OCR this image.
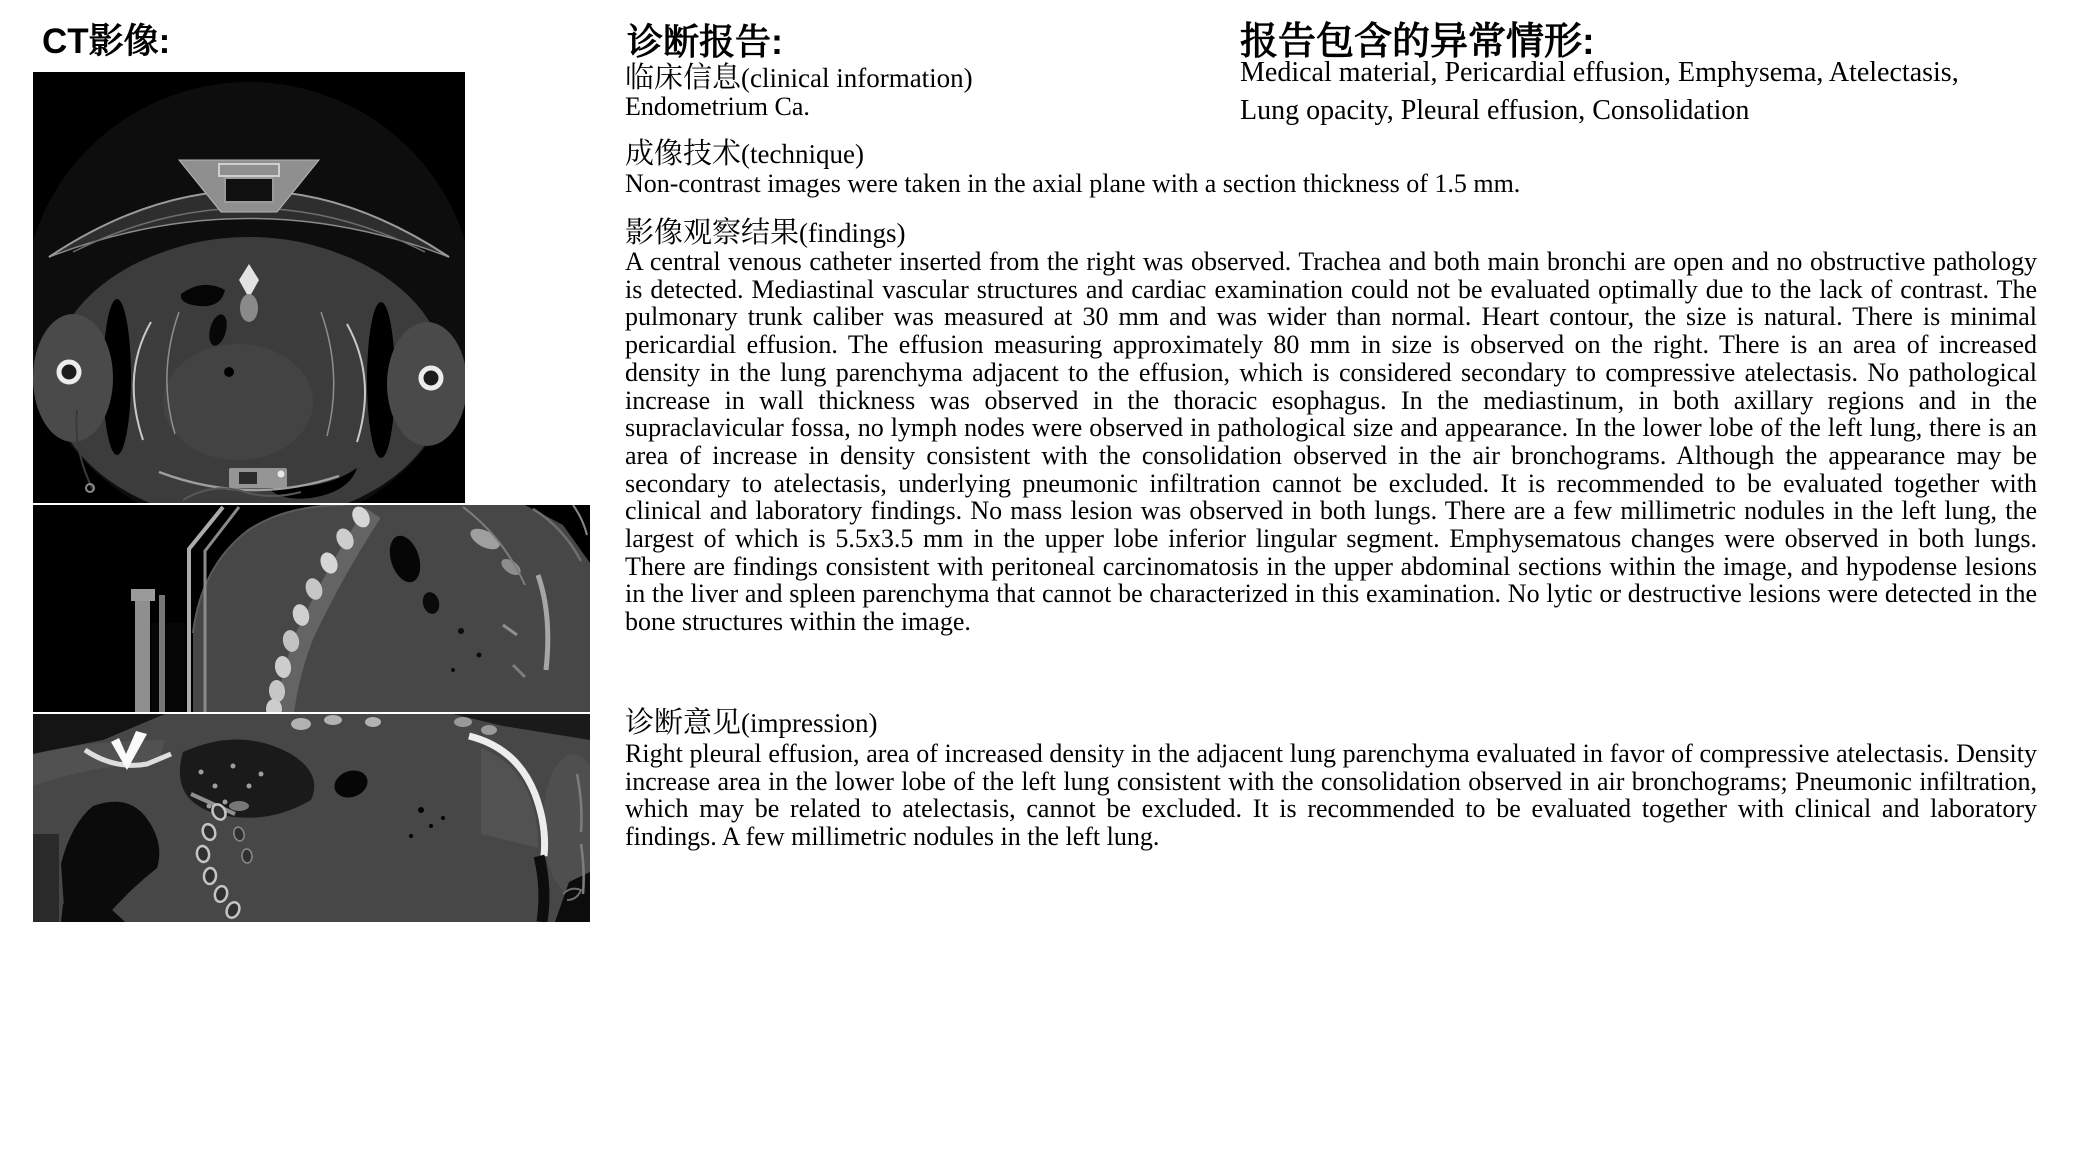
CT影像:	诊断报告:
临床信息(clinical information)
Endometrium Ca.
成像技术(technique)
Non-contrast images were taken in the axial plane with a section thickness of 1.5 mm.
影像观察结果(findings)
A central venous catheter inserted from the right was observed. Trachea and both main bronchi are open and no obstructive pathology is detected. Mediastinal vascular structures and cardiac examination could not be evaluated optimally due to the lack of contrast. The pulmonary trunk caliber was measured at 30 mm and was wider than normal. Heart contour, the size is natural. There is minimal pericardial effusion. The effusion measuring approximately 80 mm in size is observed on the right. There is an area of increased density in the lung parenchyma adjacent to the effusion, which is considered secondary to compressive atelectasis. No pathological increase in wall thickness was observed in the thoracic esophagus. In the mediastinum, in both axillary regions and in the supraclavicular fossa, no lymph nodes were observed in pathological size and appearance. In the lower lobe of the left lung, there is an area of increase in density consistent with the consolidation observed in the air bronchograms. Although the appearance may be secondary to atelectasis, underlying pneumonic infiltration cannot be excluded. It is recommended to be evaluated together with clinical and laboratory findings. No mass lesion was observed in both lungs. There are a few millimetric nodules in the left lung, the largest of which is 5.5x3.5 mm in the upper lobe inferior lingular segment. Emphysematous changes were observed in both lungs. There are findings consistent with peritoneal carcinomatosis in the upper abdominal sections within the image, and hypodense lesions in the liver and spleen parenchyma that cannot be characterized in this examination. No lytic or destructive lesions were detected in the bone structures within the image.
诊断意见(impression)
Right pleural effusion, area of increased density in the adjacent lung parenchyma evaluated in favor of compressive atelectasis. Density increase area in the lower lobe of the left lung consistent with the consolidation observed in air bronchograms; Pneumonic infiltration, which may be related to atelectasis, cannot be excluded. It is recommended to be evaluated together with clinical and laboratory findings. A few millimetric nodules in the left lung.
报告包含的异常情形:
Medical material, Pericardial effusion, Emphysema, Atelectasis,
Lung opacity, Pleural effusion, Consolidation
